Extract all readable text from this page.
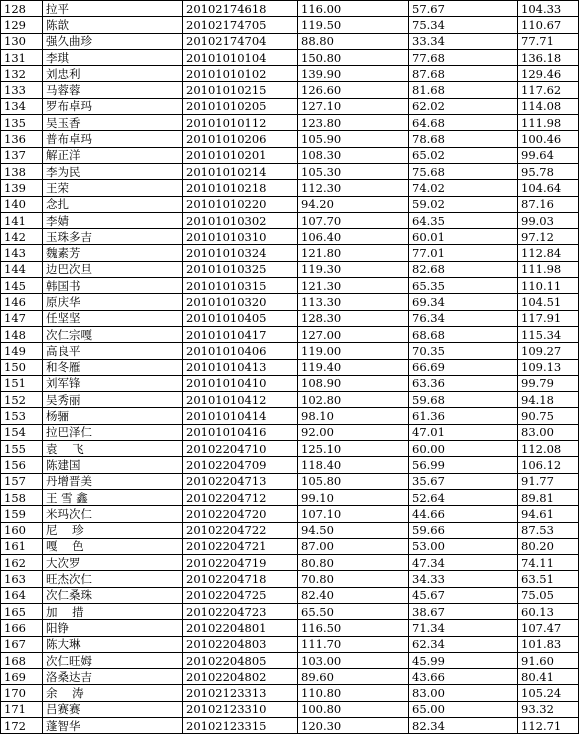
128	拉平	20102174618	116.00	57.67	104.33
129	陈歆	20102174705	119.50	75.34	110.67
130	强久曲珍	20102174704	88.80	33.34	77.71
131	李琪	20101010104	150.80	77.68	136.18
132	刘忠利	20101010102	139.90	87.68	129.46
133	马蓉蓉	20101010215	126.60	81.68	117.62
134	罗布卓玛	20101010205	127.10	62.02	114.08
135	吴玉香	20101010112	123.80	64.68	111.98
136	普布卓玛	20101010206	105.90	78.68	100.46
137	解正洋	20101010201	108.30	65.02	99.64
138	李为民	20101010214	105.30	75.68	95.78
139	王荣	20101010218	112.30	74.02	104.64
140	念扎	20101010220	94.20	59.02	87.16
141	李婧	20101010302	107.70	64.35	99.03
142	玉珠多吉	20101010310	106.40	60.01	97.12
143	魏素芳	20101010324	121.80	77.01	112.84
144	边巴次旦	20101010325	119.30	82.68	111.98
145	韩国书	20101010315	121.30	65.35	110.11
146	原庆华	20101010320	113.30	69.34	104.51
147	任坚坚	20101010405	128.30	76.34	117.91
148	次仁宗嘎	20101010417	127.00	68.68	115.34
149	高良平	20101010406	119.00	70.35	109.27
150	和冬雁	20101010413	119.40	66.69	109.13
151	刘军锋	20101010410	108.90	63.36	99.79
152	吴秀丽	20101010412	102.80	59.68	94.18
153	杨骊	20101010414	98.10	61.36	90.75
154	拉巴泽仁	20101010416	92.00	47.01	83.00
155	袁    飞	20102204710	125.10	60.00	112.08
156	陈建国	20102204709	118.40	56.99	106.12
157	丹增晋美	20102204713	105.80	35.67	91.77
158	王 雪 鑫	20102204712	99.10	52.64	89.81
159	米玛次仁	20102204720	107.10	44.66	94.61
160	尼    珍	20102204722	94.50	59.66	87.53
161	嘎    色	20102204721	87.00	53.00	80.20
162	大次罗	20102204719	80.80	47.34	74.11
163	旺杰次仁	20102204718	70.80	34.33	63.51
164	次仁桑珠	20102204725	82.40	45.67	75.05
165	加    措	20102204723	65.50	38.67	60.13
166	阳铮	20102204801	116.50	71.34	107.47
167	陈大琳	20102204803	111.70	62.34	101.83
168	次仁旺姆	20102204805	103.00	45.99	91.60
169	洛桑达吉	20102204802	89.60	43.66	80.41
170	余    涛	20102123313	110.80	83.00	105.24
171	吕赛赛	20102123310	100.80	65.00	93.32
172	蓬智华	20102123315	120.30	82.34	112.71
